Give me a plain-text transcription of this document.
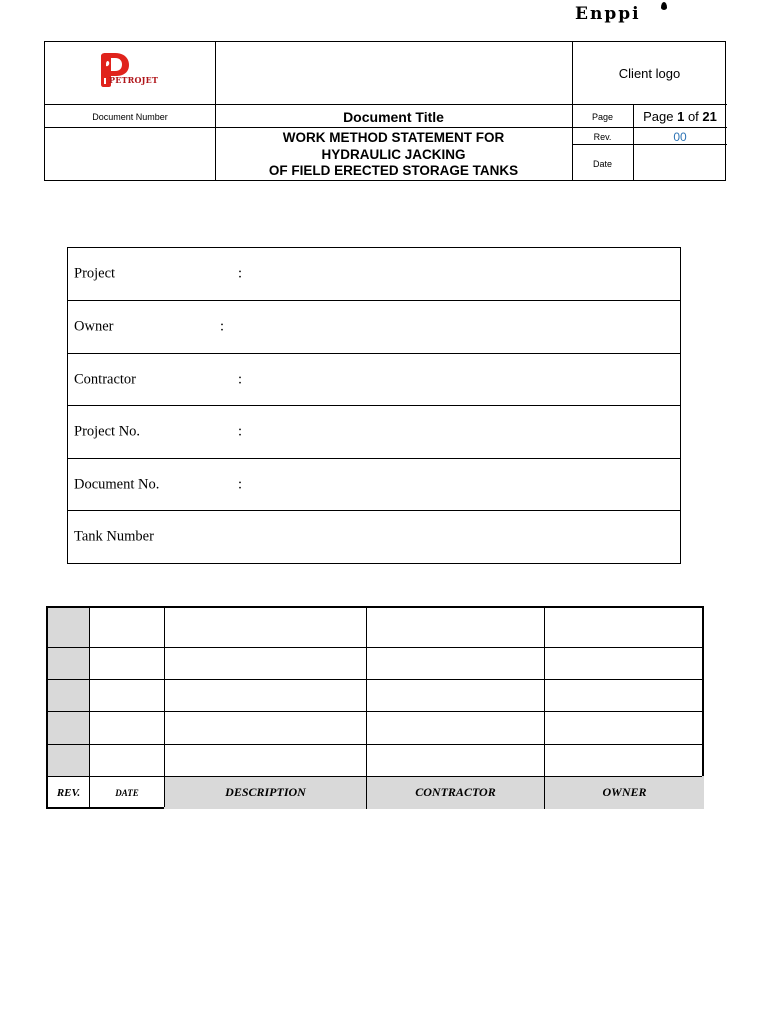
Enppi
PETROJET	Client logo
Document Number	Document Title	Page	Page 1 of 21
WORK METHOD STATEMENT FOR
HYDRAULIC JACKING
OF FIELD ERECTED STORAGE TANKS
Rev.	00
Date
Project	:
Owner	:
Contractor	:
Project No.	:
Document No.	:
Tank Number
REV.	DATE	DESCRIPTION	CONTRACTOR	OWNER
